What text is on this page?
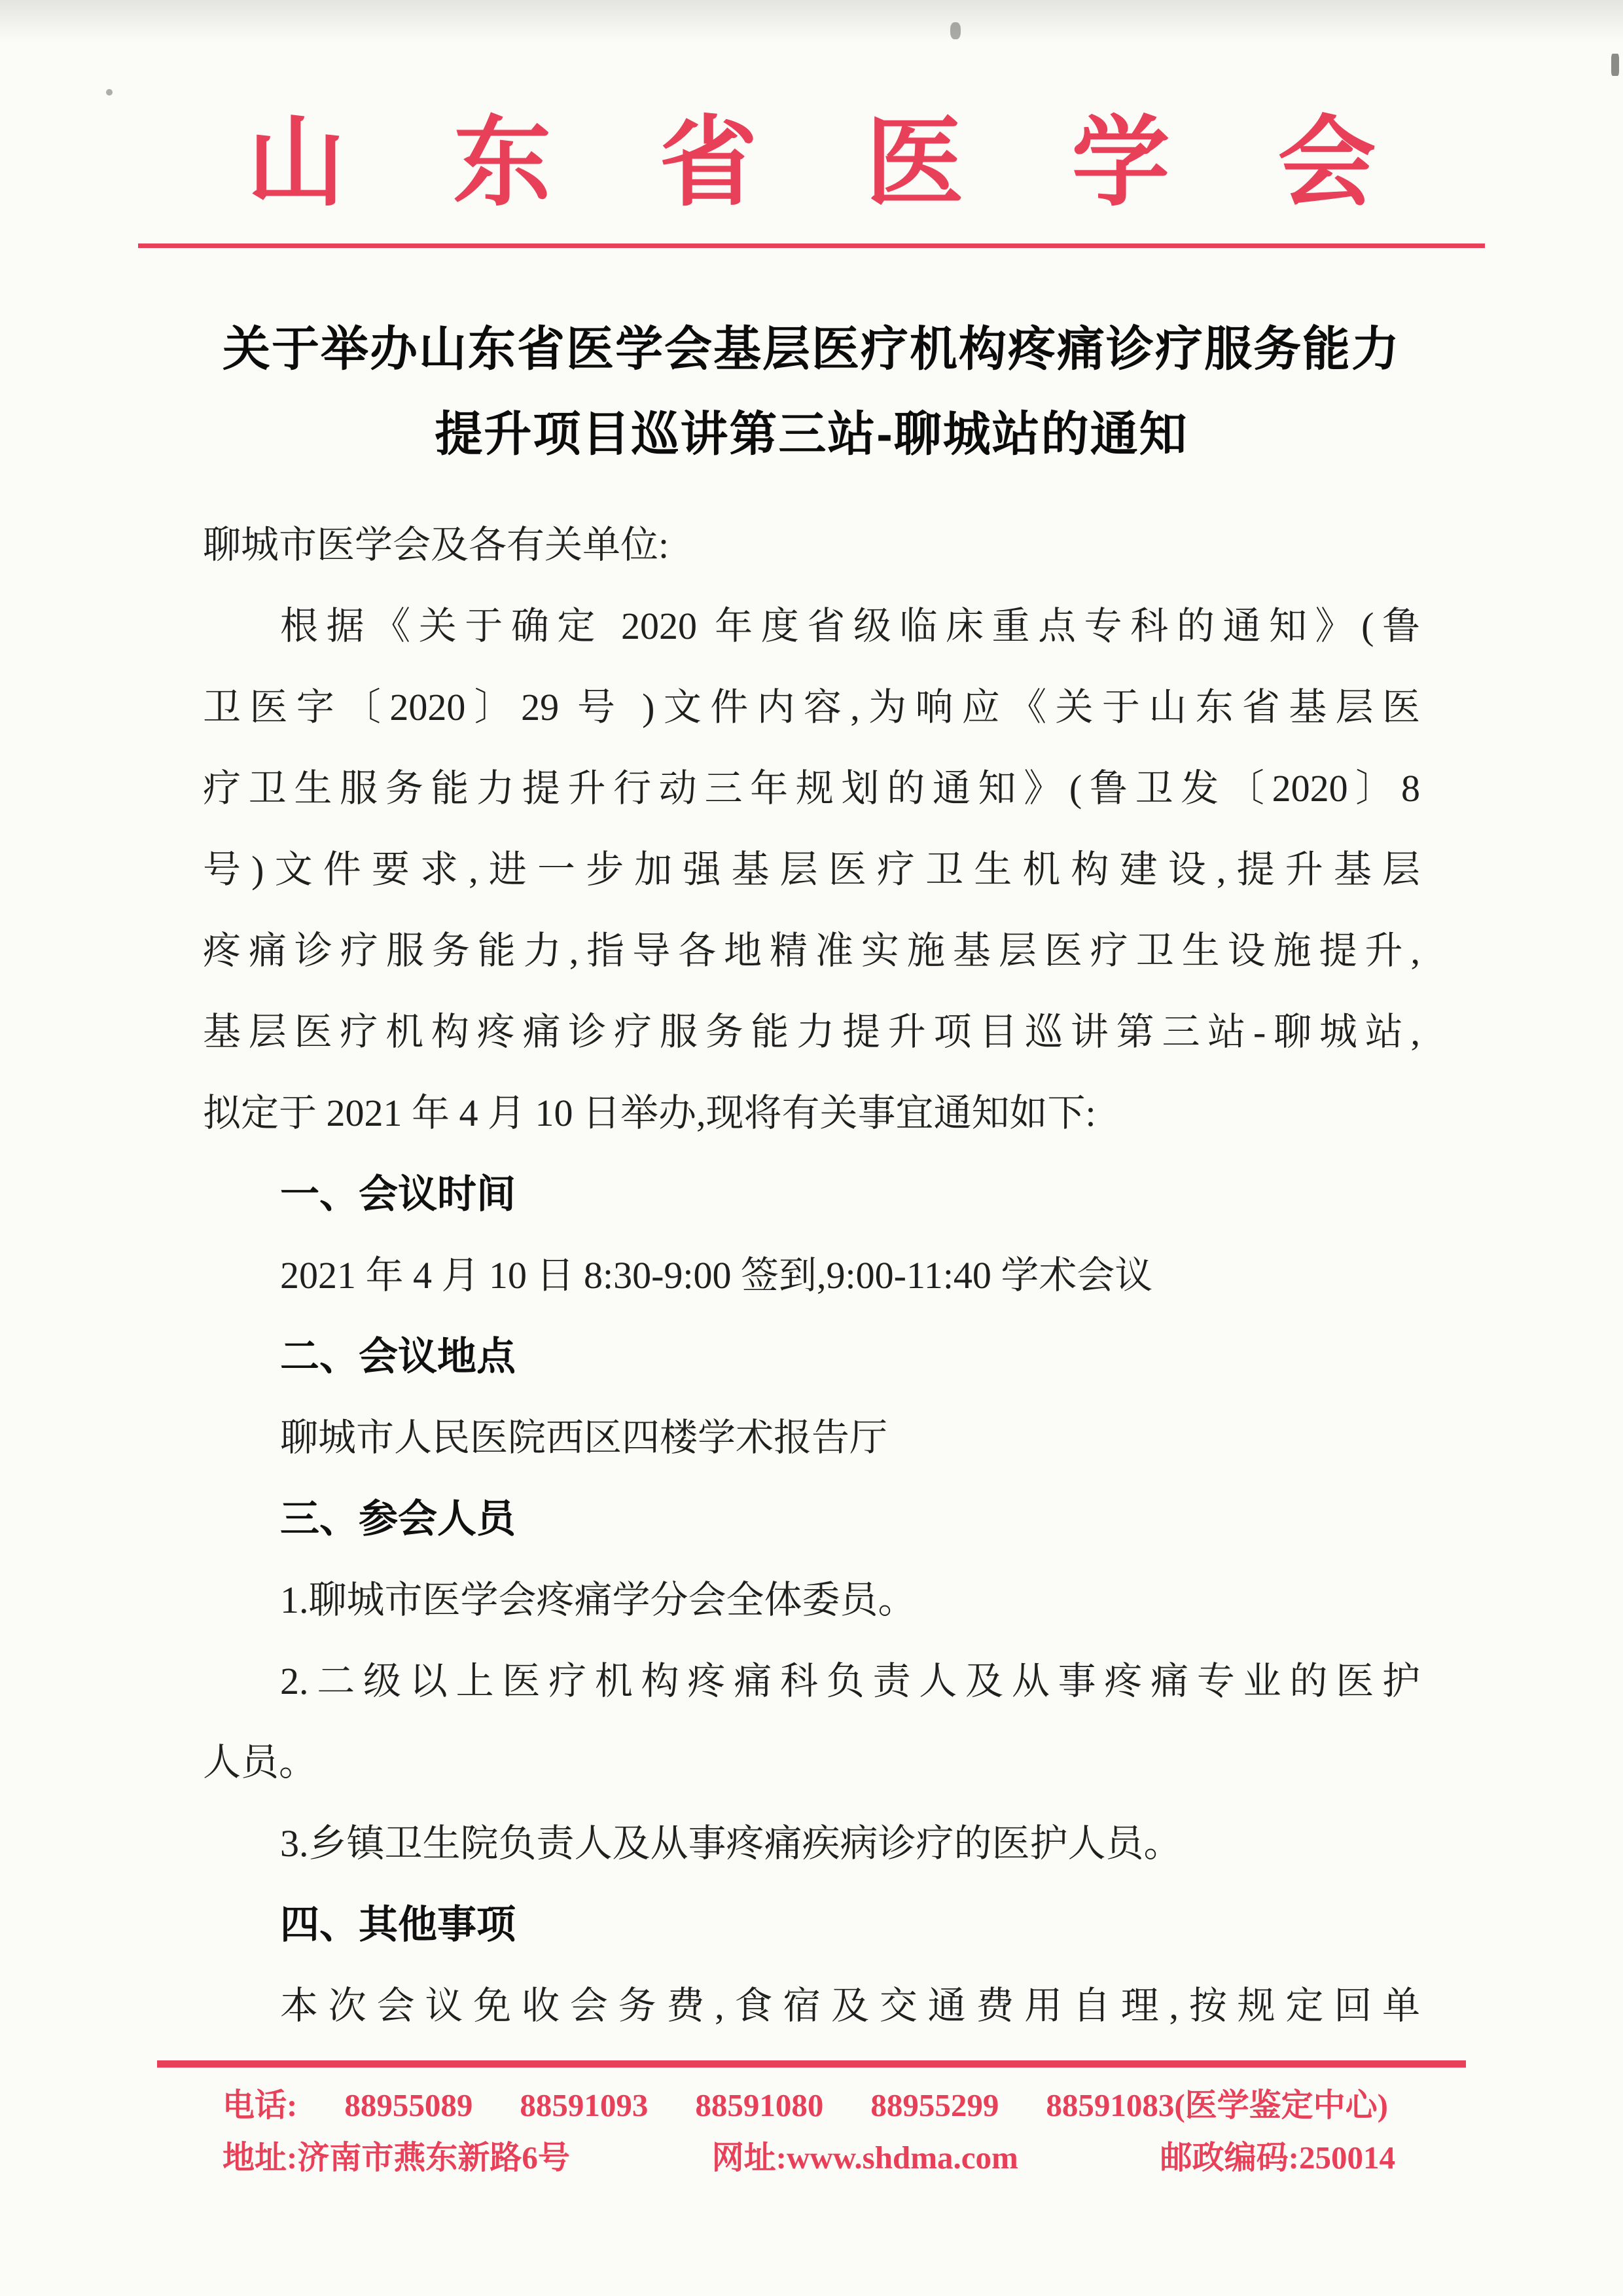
山东省医学会
关于举办山东省医学会基层医疗机构疼痛诊疗服务能力
提升项目巡讲第三站-聊城站的通知
聊城市医学会及各有关单位:
根据《关于确定 2020 年度省级临床重点专科的通知》(鲁
卫医字〔2020〕29 号 )文件内容,为响应《关于山东省基层医
疗卫生服务能力提升行动三年规划的通知》(鲁卫发〔2020〕8
号)文件要求,进一步加强基层医疗卫生机构建设,提升基层
疼痛诊疗服务能力,指导各地精准实施基层医疗卫生设施提升,
基层医疗机构疼痛诊疗服务能力提升项目巡讲第三站-聊城站,
拟定于 2021 年 4 月 10 日举办,现将有关事宜通知如下:
一、会议时间
2021 年 4 月 10 日 8:30-9:00 签到,9:00-11:40 学术会议
二、会议地点
聊城市人民医院西区四楼学术报告厅
三、参会人员
1.聊城市医学会疼痛学分会全体委员。
2.二级以上医疗机构疼痛科负责人及从事疼痛专业的医护
人员。
3.乡镇卫生院负责人及从事疼痛疾病诊疗的医护人员。
四、其他事项
本次会议免收会务费,食宿及交通费用自理,按规定回单
电话: 88955089 88591093 88591080 88955299 88591083(医学鉴定中心)
地址:济南市燕东新路6号	网址:www.shdma.com	邮政编码:250014
